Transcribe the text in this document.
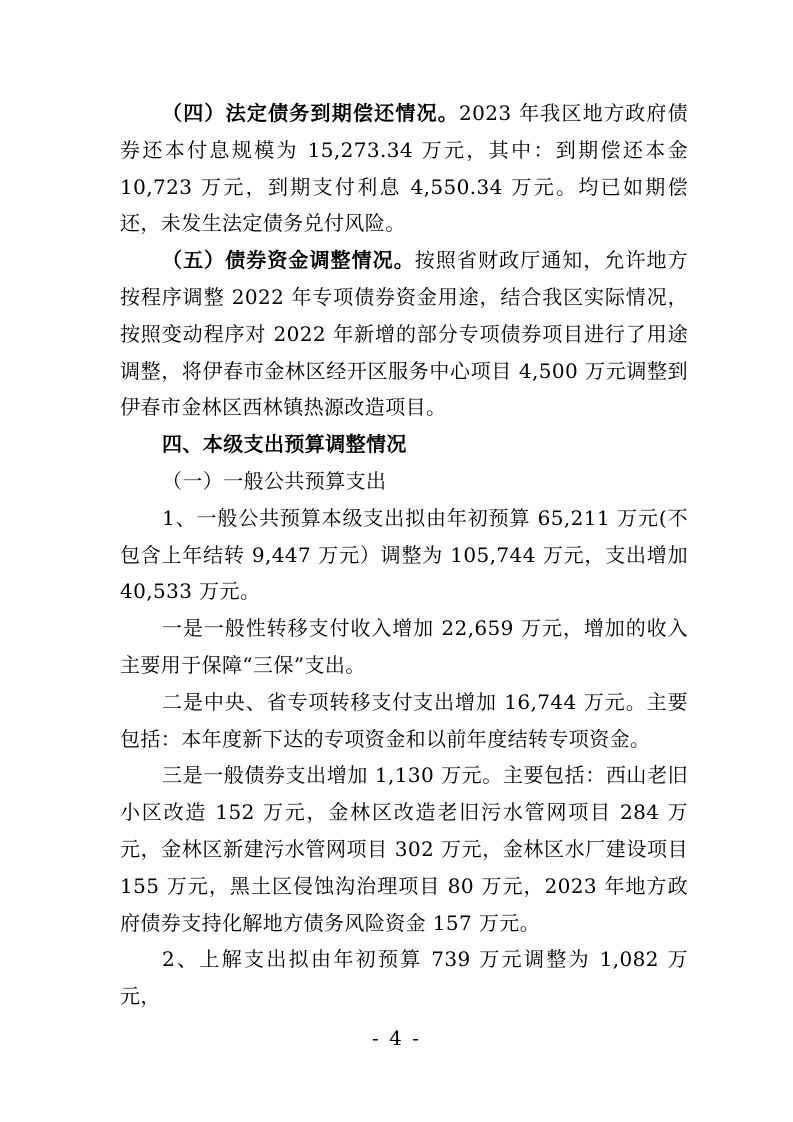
（四）法定债务到期偿还情况。2023 年我区地方政府债券还本付息规模为 15,273.34 万元，其中：到期偿还本金 10,723 万元，到期支付利息 4,550.34 万元。均已如期偿还，未发生法定债务兑付风险。

（五）债券资金调整情况。按照省财政厅通知，允许地方按程序调整 2022 年专项债券资金用途，结合我区实际情况，按照变动程序对 2022 年新增的部分专项债券项目进行了用途调整，将伊春市金林区经开区服务中心项目 4,500 万元调整到伊春市金林区西林镇热源改造项目。

四、本级支出预算调整情况

（一）一般公共预算支出

1、一般公共预算本级支出拟由年初预算 65,211 万元(不包含上年结转 9,447 万元）调整为 105,744 万元，支出增加 40,533 万元。

一是一般性转移支付收入增加 22,659 万元，增加的收入主要用于保障“三保”支出。

二是中央、省专项转移支付支出增加 16,744 万元。主要包括：本年度新下达的专项资金和以前年度结转专项资金。

三是一般债券支出增加 1,130 万元。主要包括：西山老旧小区改造 152 万元，金林区改造老旧污水管网项目 284 万元，金林区新建污水管网项目 302 万元，金林区水厂建设项目 155 万元，黑土区侵蚀沟治理项目 80 万元，2023 年地方政府债券支持化解地方债务风险资金 157 万元。

2、上解支出拟由年初预算 739 万元调整为 1,082 万元，

- 4 -
